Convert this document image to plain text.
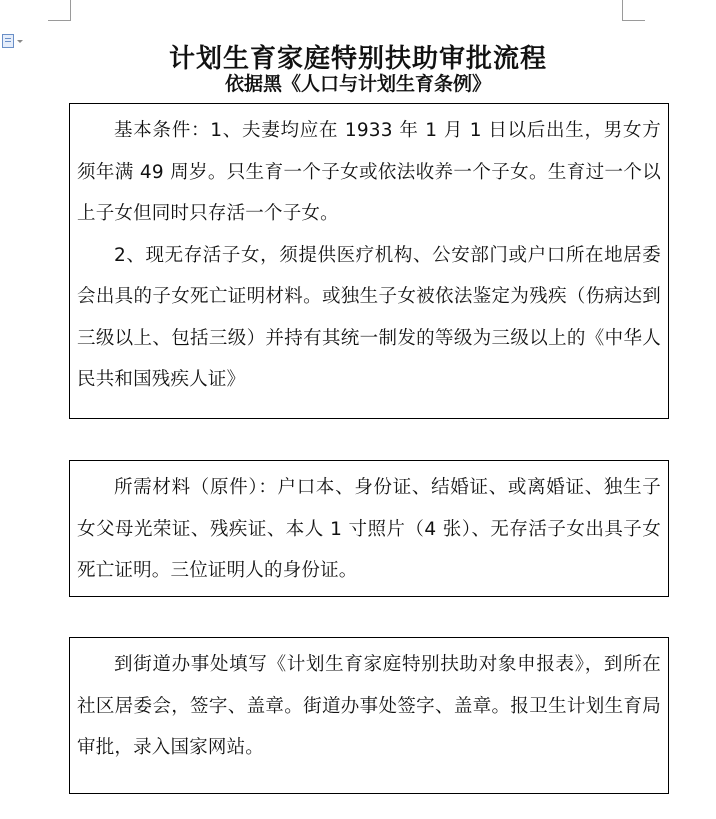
计划生育家庭特别扶助审批流程
依据黑《人口与计划生育条例》

基本条件：1、夫妻均应在 1933 年 1 月 1 日以后出生，男女方须年满 49 周岁。只生育一个子女或依法收养一个子女。生育过一个以上子女但同时只存活一个子女。

2、现无存活子女，须提供医疗机构、公安部门或户口所在地居委会出具的子女死亡证明材料。或独生子女被依法鉴定为残疾（伤病达到三级以上、包括三级）并持有其统一制发的等级为三级以上的《中华人民共和国残疾人证》

所需材料（原件）：户口本、身份证、结婚证、或离婚证、独生子女父母光荣证、残疾证、本人 1 寸照片（4 张）、无存活子女出具子女死亡证明。三位证明人的身份证。

到街道办事处填写《计划生育家庭特别扶助对象申报表》，到所在社区居委会，签字、盖章。街道办事处签字、盖章。报卫生计划生育局审批，录入国家网站。
